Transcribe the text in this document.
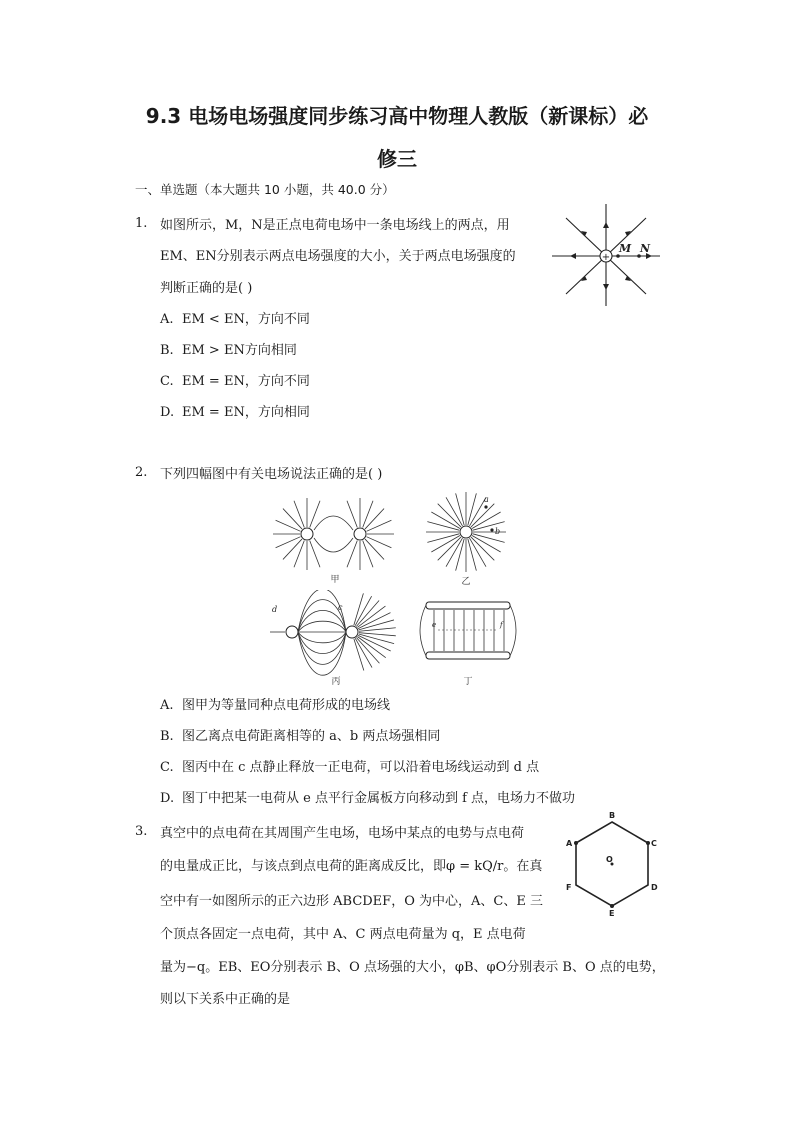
9.3 电场电场强度同步练习高中物理人教版（新课标）必
修三
一、单选题（本大题共 10 小题，共 40.0 分）
1. 如图所示，M，N是正点电荷电场中一条电场线上的两点，用
EM、EN分别表示两点电场强度的大小，关于两点电场强度的
判断正确的是( )
A. EM < EN，方向不同
B. EM > EN方向相同
C. EM = EN，方向不同
D. EM = EN，方向相同
+
M N
2. 下列四幅图中有关电场说法正确的是( )
甲
a
b
乙
d	c
丙
e	f
丁
A. 图甲为等量同种点电荷形成的电场线
B. 图乙离点电荷距离相等的 a、b 两点场强相同
C. 图丙中在 c 点静止释放一正电荷，可以沿着电场线运动到 d 点
D. 图丁中把某一电荷从 e 点平行金属板方向移动到 f 点，电场力不做功
3. 真空中的点电荷在其周围产生电场，电场中某点的电势与点电荷
的电量成正比，与该点到点电荷的距离成反比，即φ = kQ/r。在真
空中有一如图所示的正六边形 ABCDEF，O 为中心，A、C、E 三
个顶点各固定一点电荷，其中 A、C 两点电荷量为 q，E 点电荷
量为−q。EB、EO分别表示 B、O 点场强的大小，φB、φO分别表示 B、O 点的电势，
则以下关系中正确的是
A
B
C
D
E
F
O
